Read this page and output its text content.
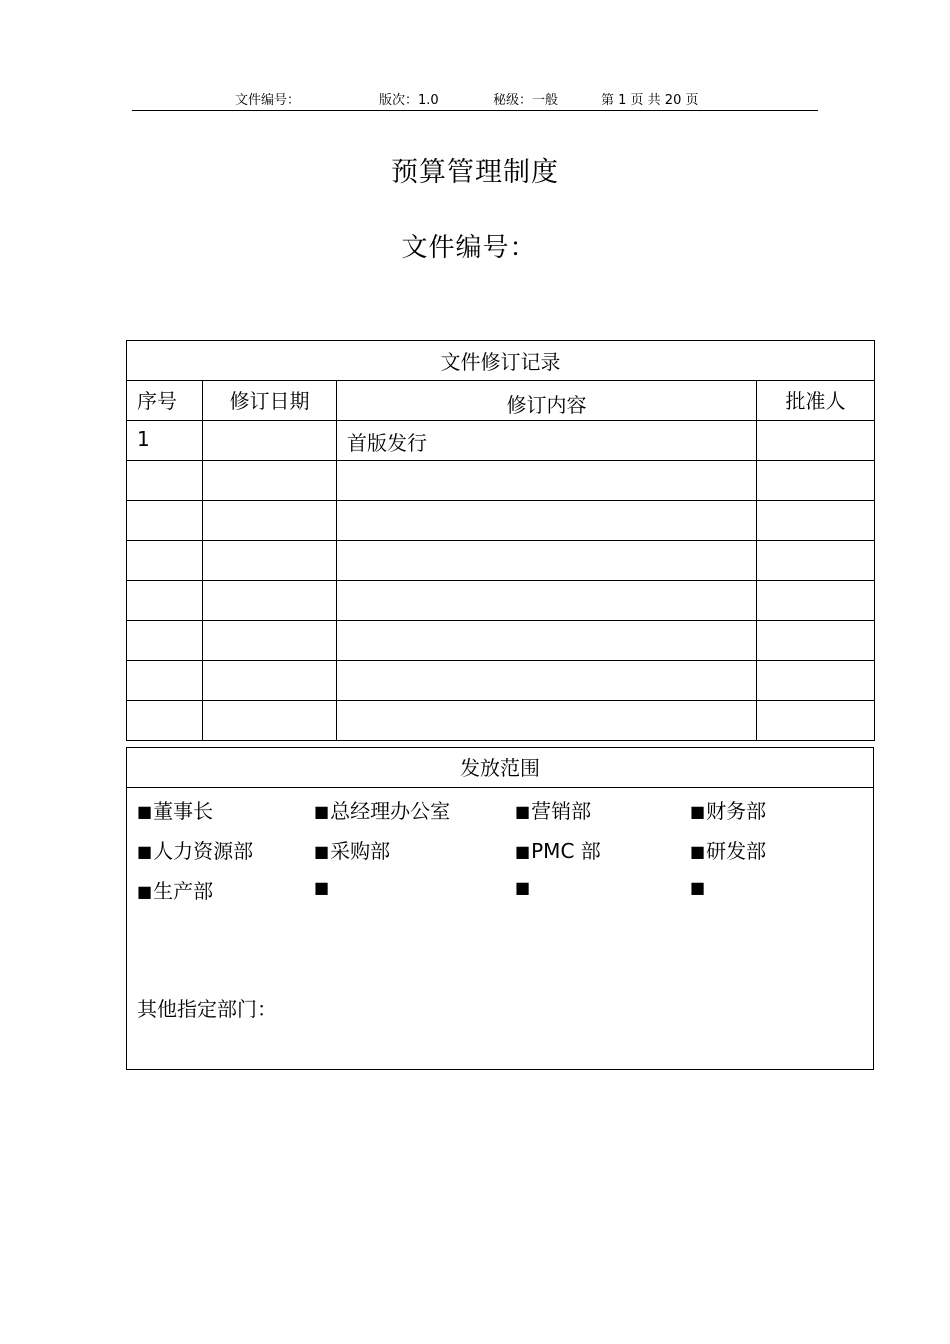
文件编号：	版次：1.0	秘级：一般	第 1 页 共 20 页
预算管理制度
文件编号：
文件修订记录			
序号	修订日期	修订内容	批准人
1		首版发行	

发放范围
■董事长	■总经理办公室	■营销部	■财务部
■人力资源部	■采购部	■PMC 部	■研发部
■生产部	■	■	■
其他指定部门：
